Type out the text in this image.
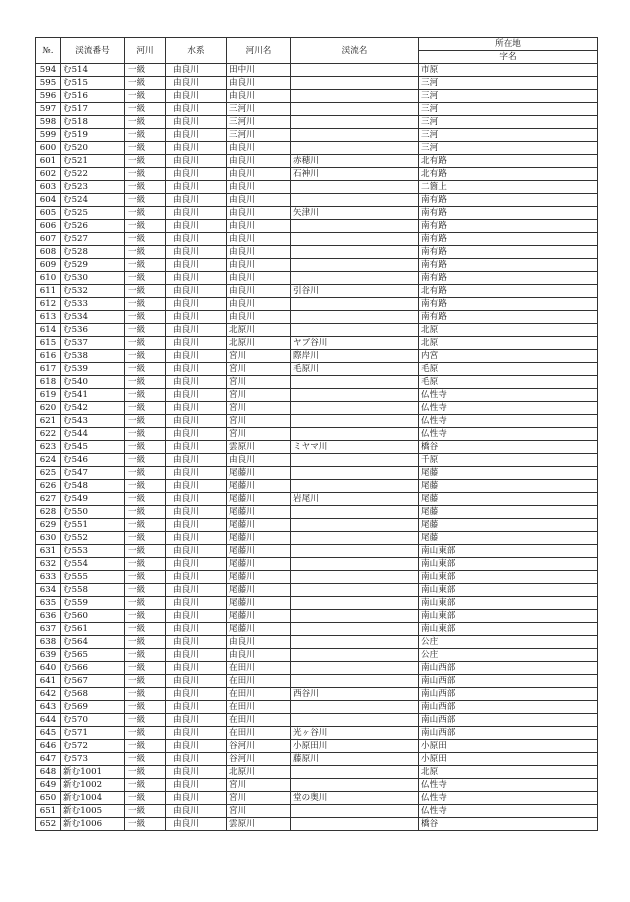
№.	渓流番号	河川	水系	河川名	渓流名	所在地
						字名
594	む514	一級	由良川	田中川		市原
595	む515	一級	由良川	由良川		三河
596	む516	一級	由良川	由良川		三河
597	む517	一級	由良川	三河川		三河
598	む518	一級	由良川	三河川		三河
599	む519	一級	由良川	三河川		三河
600	む520	一級	由良川	由良川		三河
601	む521	一級	由良川	由良川	赤穂川	北有路
602	む522	一級	由良川	由良川	石神川	北有路
603	む523	一級	由良川	由良川		二箇上
604	む524	一級	由良川	由良川		南有路
605	む525	一級	由良川	由良川	矢津川	南有路
606	む526	一級	由良川	由良川		南有路
607	む527	一級	由良川	由良川		南有路
608	む528	一級	由良川	由良川		南有路
609	む529	一級	由良川	由良川		南有路
610	む530	一級	由良川	由良川		南有路
611	む532	一級	由良川	由良川	引谷川	北有路
612	む533	一級	由良川	由良川		南有路
613	む534	一級	由良川	由良川		南有路
614	む536	一級	由良川	北原川		北原
615	む537	一級	由良川	北原川	ヤブ谷川	北原
616	む538	一級	由良川	宮川	際岸川	内宮
617	む539	一級	由良川	宮川	毛原川	毛原
618	む540	一級	由良川	宮川		毛原
619	む541	一級	由良川	宮川		仏性寺
620	む542	一級	由良川	宮川		仏性寺
621	む543	一級	由良川	宮川		仏性寺
622	む544	一級	由良川	宮川		仏性寺
623	む545	一級	由良川	雲原川	ミヤマ川	橋谷
624	む546	一級	由良川	由良川		千原
625	む547	一級	由良川	尾藤川		尾藤
626	む548	一級	由良川	尾藤川		尾藤
627	む549	一級	由良川	尾藤川	岩尾川	尾藤
628	む550	一級	由良川	尾藤川		尾藤
629	む551	一級	由良川	尾藤川		尾藤
630	む552	一級	由良川	尾藤川		尾藤
631	む553	一級	由良川	尾藤川		南山東部
632	む554	一級	由良川	尾藤川		南山東部
633	む555	一級	由良川	尾藤川		南山東部
634	む558	一級	由良川	尾藤川		南山東部
635	む559	一級	由良川	尾藤川		南山東部
636	む560	一級	由良川	尾藤川		南山東部
637	む561	一級	由良川	尾藤川		南山東部
638	む564	一級	由良川	由良川		公庄
639	む565	一級	由良川	由良川		公庄
640	む566	一級	由良川	在田川		南山西部
641	む567	一級	由良川	在田川		南山西部
642	む568	一級	由良川	在田川	西谷川	南山西部
643	む569	一級	由良川	在田川		南山西部
644	む570	一級	由良川	在田川		南山西部
645	む571	一級	由良川	在田川	光ヶ谷川	南山西部
646	む572	一級	由良川	谷河川	小原田川	小原田
647	む573	一級	由良川	谷河川	藤原川	小原田
648	新む1001	一級	由良川	北原川		北原
649	新む1002	一級	由良川	宮川		仏性寺
650	新む1004	一級	由良川	宮川	堂の奥川	仏性寺
651	新む1005	一級	由良川	宮川		仏性寺
652	新む1006	一級	由良川	雲原川		橋谷
